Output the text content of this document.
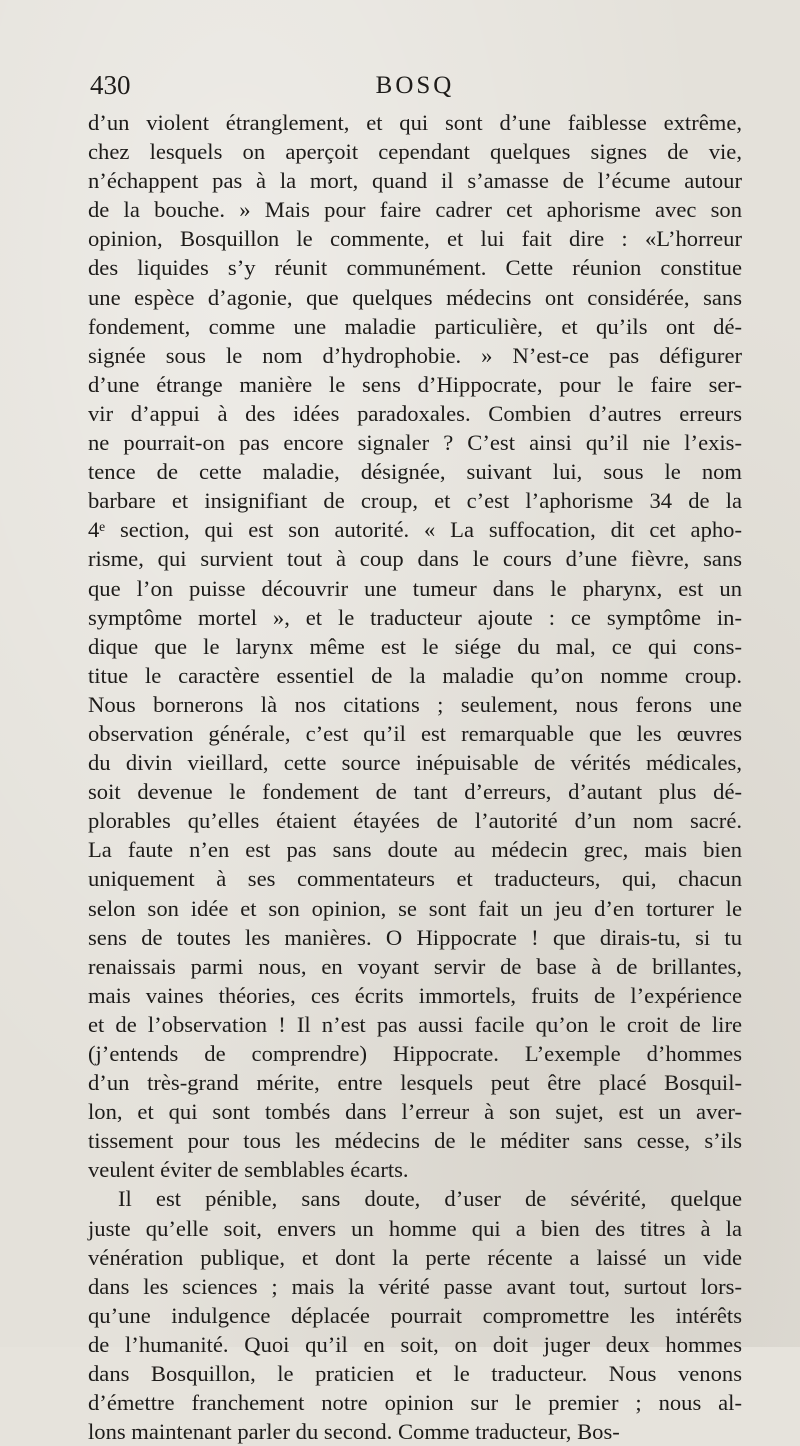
430	BOSQ
d’un violent étranglement, et qui sont d’une faiblesse extrême,
chez lesquels on aperçoit cependant quelques signes de vie,
n’échappent pas à la mort, quand il s’amasse de l’écume autour
de la bouche. » Mais pour faire cadrer cet aphorisme avec son
opinion, Bosquillon le commente, et lui fait dire : «L’horreur
des liquides s’y réunit communément. Cette réunion constitue
une espèce d’agonie, que quelques médecins ont considérée, sans
fondement, comme une maladie particulière, et qu’ils ont dé-
signée sous le nom d’hydrophobie. » N’est-ce pas défigurer
d’une étrange manière le sens d’Hippocrate, pour le faire ser-
vir d’appui à des idées paradoxales. Combien d’autres erreurs
ne pourrait-on pas encore signaler ? C’est ainsi qu’il nie l’exis-
tence de cette maladie, désignée, suivant lui, sous le nom
barbare et insignifiant de croup, et c’est l’aphorisme 34 de la
4ᵉ section, qui est son autorité. « La suffocation, dit cet apho-
risme, qui survient tout à coup dans le cours d’une fièvre, sans
que l’on puisse découvrir une tumeur dans le pharynx, est un
symptôme mortel », et le traducteur ajoute : ce symptôme in-
dique que le larynx même est le siége du mal, ce qui cons-
titue le caractère essentiel de la maladie qu’on nomme croup.
Nous bornerons là nos citations ; seulement, nous ferons une
observation générale, c’est qu’il est remarquable que les œuvres
du divin vieillard, cette source inépuisable de vérités médicales,
soit devenue le fondement de tant d’erreurs, d’autant plus dé-
plorables qu’elles étaient étayées de l’autorité d’un nom sacré.
La faute n’en est pas sans doute au médecin grec, mais bien
uniquement à ses commentateurs et traducteurs, qui, chacun
selon son idée et son opinion, se sont fait un jeu d’en torturer le
sens de toutes les manières. O Hippocrate ! que dirais-tu, si tu
renaissais parmi nous, en voyant servir de base à de brillantes,
mais vaines théories, ces écrits immortels, fruits de l’expérience
et de l’observation ! Il n’est pas aussi facile qu’on le croit de lire
(j’entends de comprendre) Hippocrate. L’exemple d’hommes
d’un très-grand mérite, entre lesquels peut être placé Bosquil-
lon, et qui sont tombés dans l’erreur à son sujet, est un aver-
tissement pour tous les médecins de le méditer sans cesse, s’ils
veulent éviter de semblables écarts.
Il est pénible, sans doute, d’user de sévérité, quelque
juste qu’elle soit, envers un homme qui a bien des titres à la
vénération publique, et dont la perte récente a laissé un vide
dans les sciences ; mais la vérité passe avant tout, surtout lors-
qu’une indulgence déplacée pourrait compromettre les intérêts
de l’humanité. Quoi qu’il en soit, on doit juger deux hommes
dans Bosquillon, le praticien et le traducteur. Nous venons
d’émettre franchement notre opinion sur le premier ; nous al-
lons maintenant parler du second. Comme traducteur, Bos-
